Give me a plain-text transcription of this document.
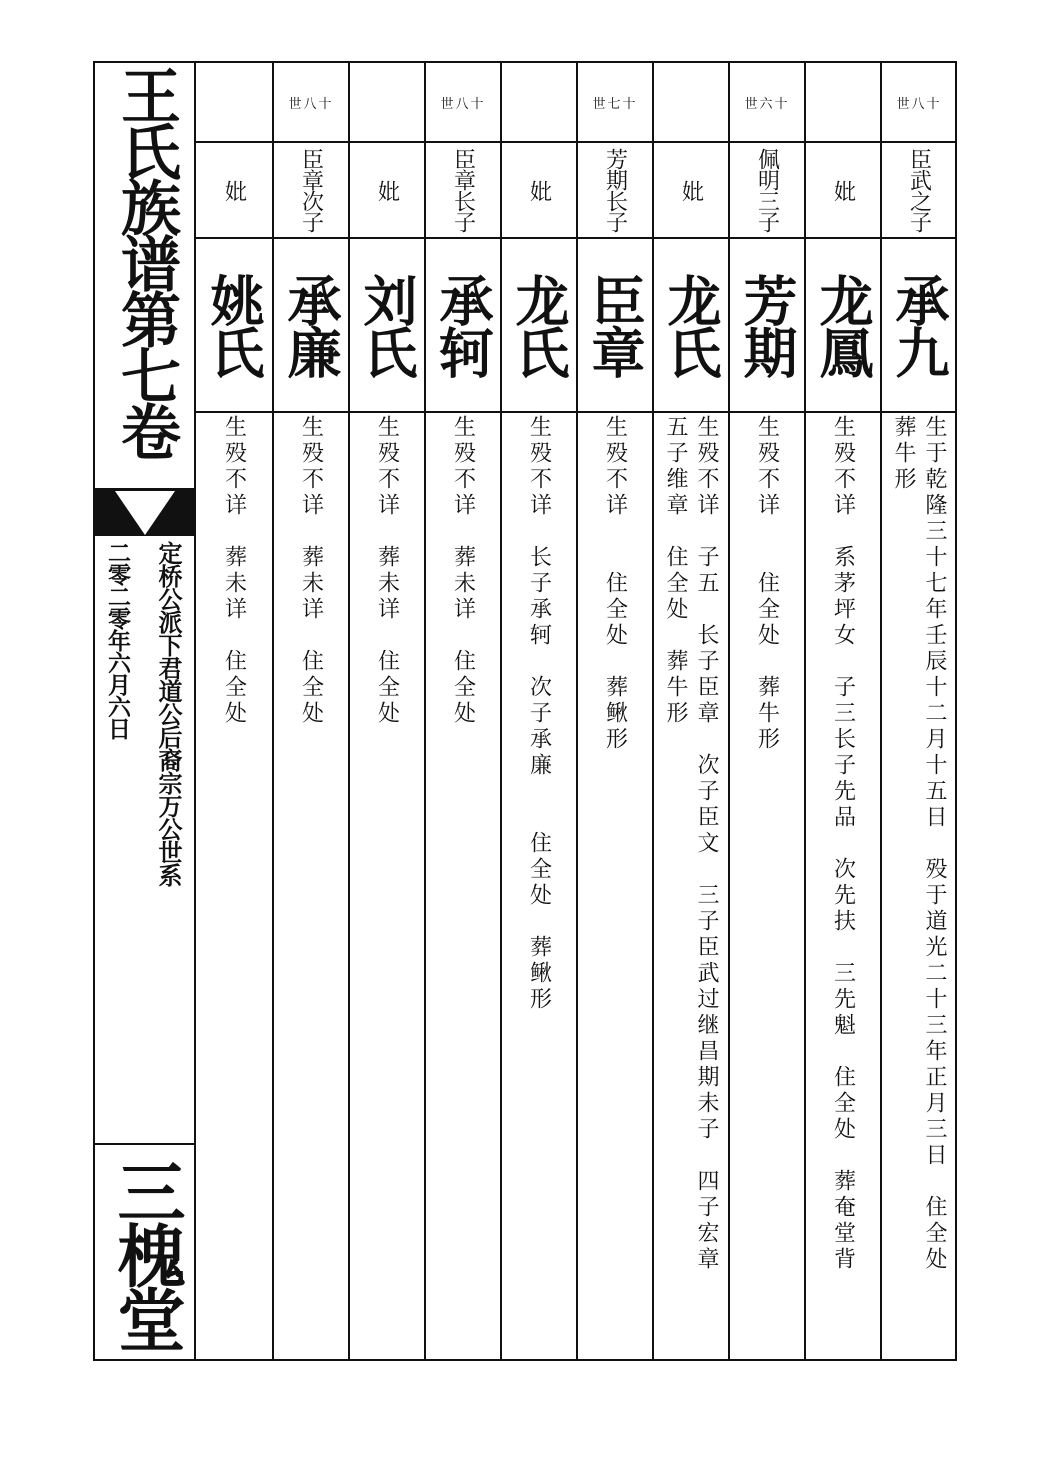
王氏族谱第七卷
定桥公派下君道公后裔宗万公世系
二零二零年六月六日
三槐堂
世八十
臣武之子
承九
生于乾隆三十七年壬辰十二月十五日　殁于道光二十三年正月三日　住全处
葬牛形
妣
龙鳳
生殁不详　系茅坪女　子三长子先品　次先扶　三先魁　住全处　葬奄堂背
世六十
佩明三子
芳期
生殁不详　　住全处　葬牛形
妣
龙氏
生殁不详　子五　长子臣章　次子臣文　三子臣武过继昌期未子　四子宏章
五子维章　住全处　葬牛形
世七十
芳期长子
臣章
生殁不详　　住全处　葬鳅形
妣
龙氏
生殁不详　长子承轲　次子承廉　　住全处　葬鳅形
世八十
臣章长子
承轲
生殁不详　葬未详　住全处
妣
刘氏
生殁不详　葬未详　住全处
世八十
臣章次子
承廉
生殁不详　葬未详　住全处
妣
姚氏
生殁不详　葬未详　住全处
